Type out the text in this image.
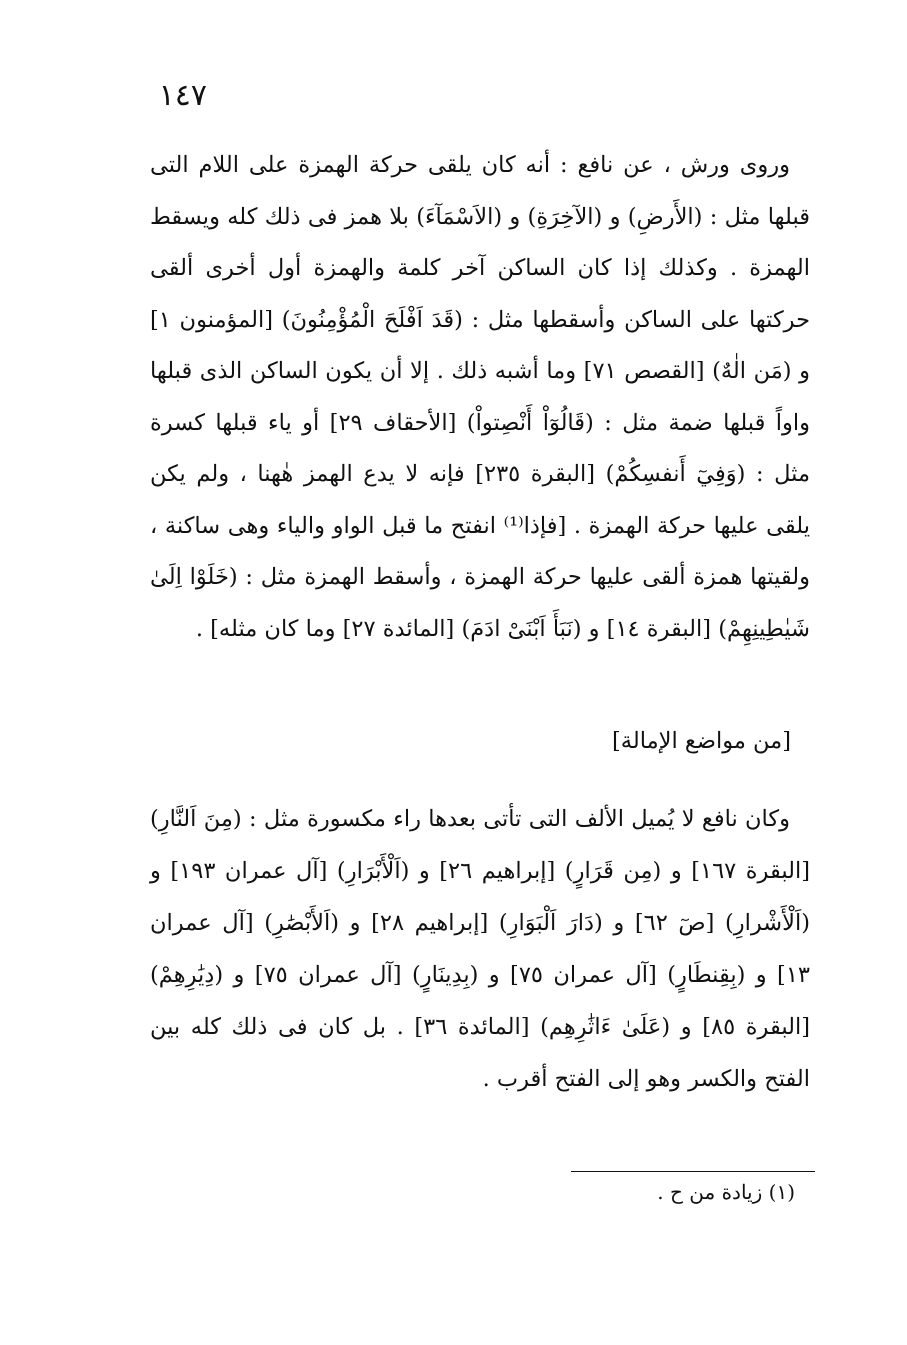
١٤٧

وروى ورش ، عن نافع : أنه كان يلقى حركة الهمزة على اللام التى قبلها مثل : (الأَرضِ) و (الآخِرَةِ) و (الاَسْمَآءَ) بلا همز فى ذلك كله ويسقط الهمزة . وكذلك إذا كان الساكن آخر كلمة والهمزة أول أخرى ألقى حركتها على الساكن وأسقطها مثل : (قَدَ اَفْلَحَ الْمُؤْمِنُونَ) [المؤمنون ١] و (مَن الٰهٌ) [القصص ٧١] وما أشبه ذلك . إلا أن يكون الساكن الذى قبلها واواً قبلها ضمة مثل : (قَالُوٓاْ أَنْصِتواْ) [الأحقاف ٢٩] أو ياء قبلها كسرة مثل : (وَفِيٓ أَنفسِكُمْ) [البقرة ٢٣٥] فإنه لا يدع الهمز هٰهنا ، ولم يكن يلقى عليها حركة الهمزة . [فإذا⁽¹⁾ انفتح ما قبل الواو والياء وهى ساكنة ، ولقيتها همزة ألقى عليها حركة الهمزة ، وأسقط الهمزة مثل : (خَلَوْا اِلَىٰ شَيٰطِينِهِمْ) [البقرة ١٤] و (نَبَأَ اَبْنَىْ ادَمَ) [المائدة ٢٧] وما كان مثله] .

[من مواضع الإمالة]

وكان نافع لا يُميل الألف التى تأتى بعدها راء مكسورة مثل : (مِنَ اَلنَّارِ) [البقرة ١٦٧] و (مِن قَرَارٍ) [إبراهيم ٢٦] و (اَلْأَبْرَارِ) [آل عمران ١٩٣] و (اَلْأَشْرارِ) [صٓ ٦٢] و (دَارَ اَلْبَوَارِ) [إبراهيم ٢٨] و (اَلأَبْصَٰرِ) [آل عمران ١٣] و (بِقِنطَارٍ) [آل عمران ٧٥] و (بِدِينَارٍ) [آل عمران ٧٥] و (دِيَٰرِهِمْ) [البقرة ٨٥] و (عَلَىٰ ءَاثَٰرِهِم) [المائدة ٣٦] . بل كان فى ذلك كله بين الفتح والكسر وهو إلى الفتح أقرب .

(١) زيادة من ح .
